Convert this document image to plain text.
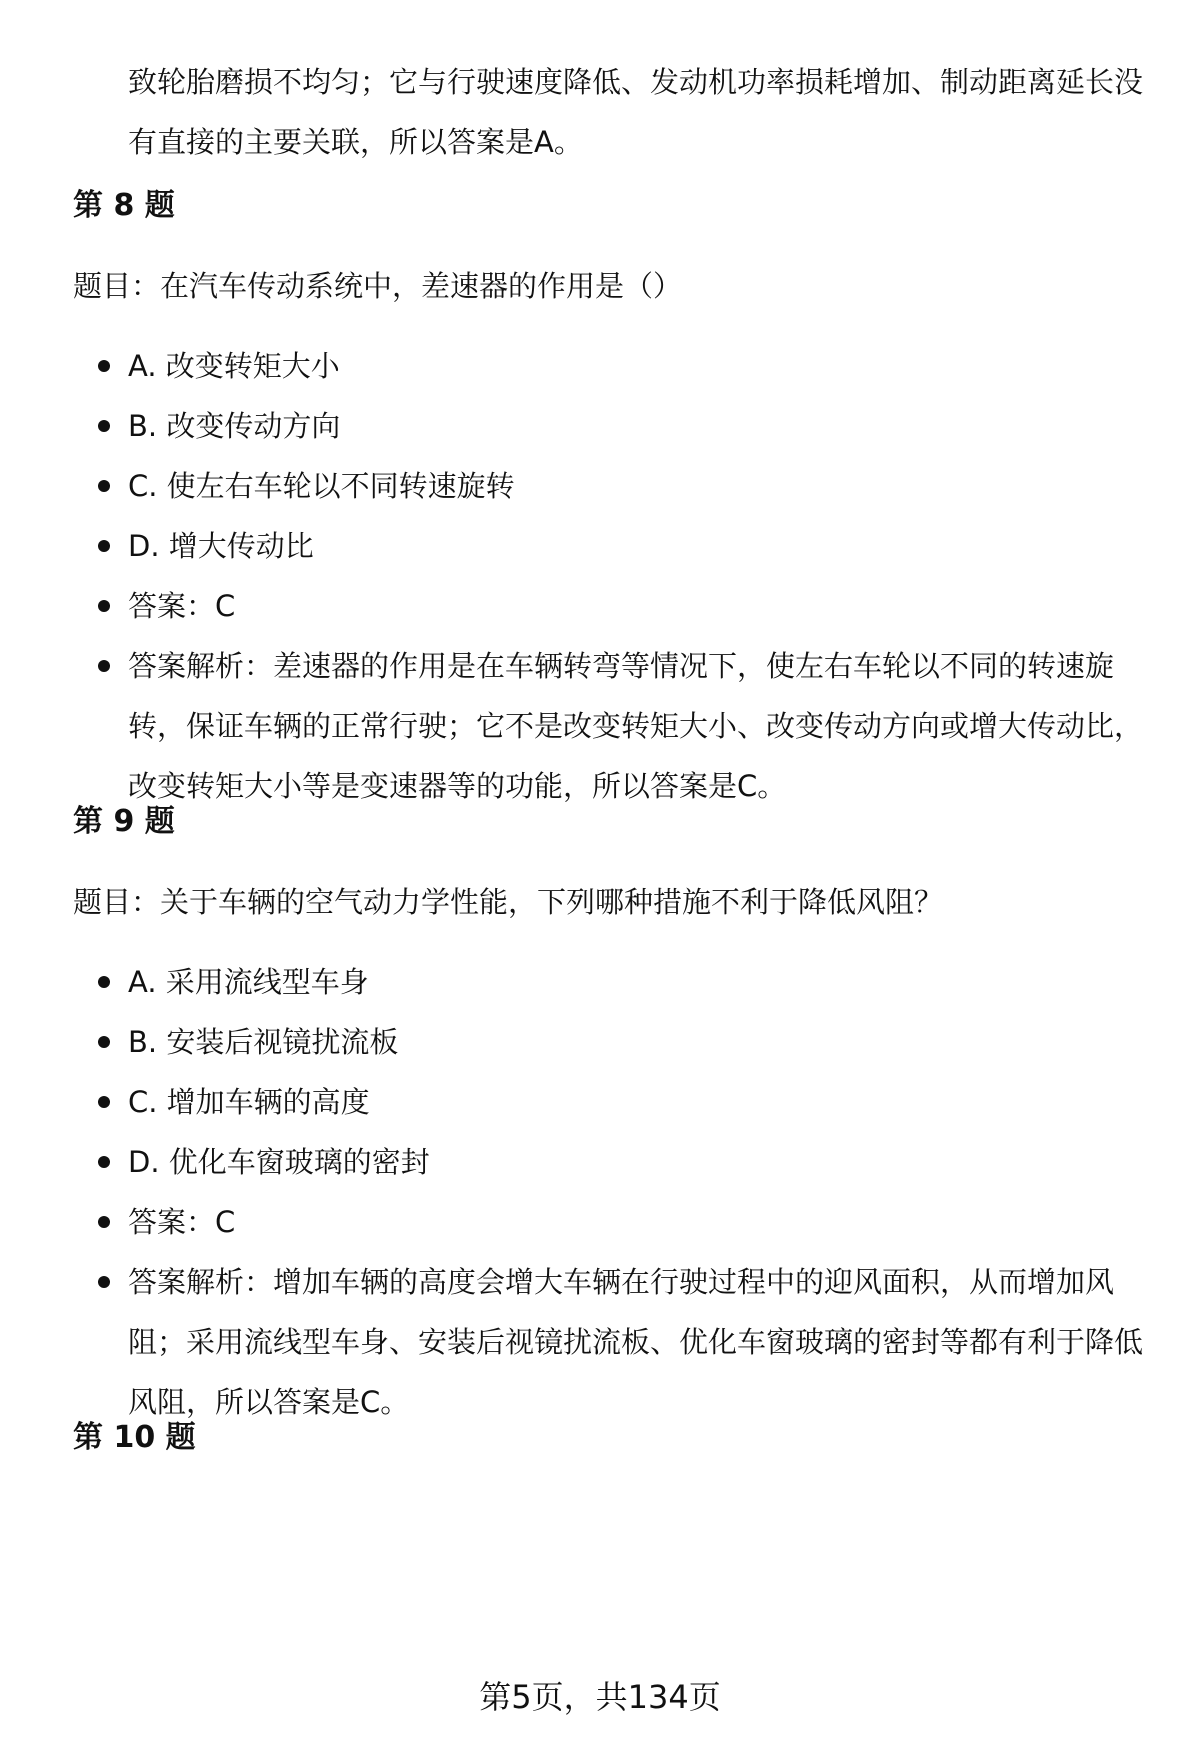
致轮胎磨损不均匀；它与行驶速度降低、发动机功率损耗增加、制动距离延长没有直接的主要关联，所以答案是A。

第 8 题

题目：在汽车传动系统中，差速器的作用是（）

A. 改变转矩大小
B. 改变传动方向
C. 使左右车轮以不同转速旋转
D. 增大传动比
答案：C
答案解析：差速器的作用是在车辆转弯等情况下，使左右车轮以不同的转速旋转，保证车辆的正常行驶；它不是改变转矩大小、改变传动方向或增大传动比，改变转矩大小等是变速器等的功能，所以答案是C。
第 9 题

题目：关于车辆的空气动力学性能，下列哪种措施不利于降低风阻？

A. 采用流线型车身
B. 安装后视镜扰流板
C. 增加车辆的高度
D. 优化车窗玻璃的密封
答案：C
答案解析：增加车辆的高度会增大车辆在行驶过程中的迎风面积，从而增加风阻；采用流线型车身、安装后视镜扰流板、优化车窗玻璃的密封等都有利于降低风阻，所以答案是C。
第 10 题

第5页，共134页
